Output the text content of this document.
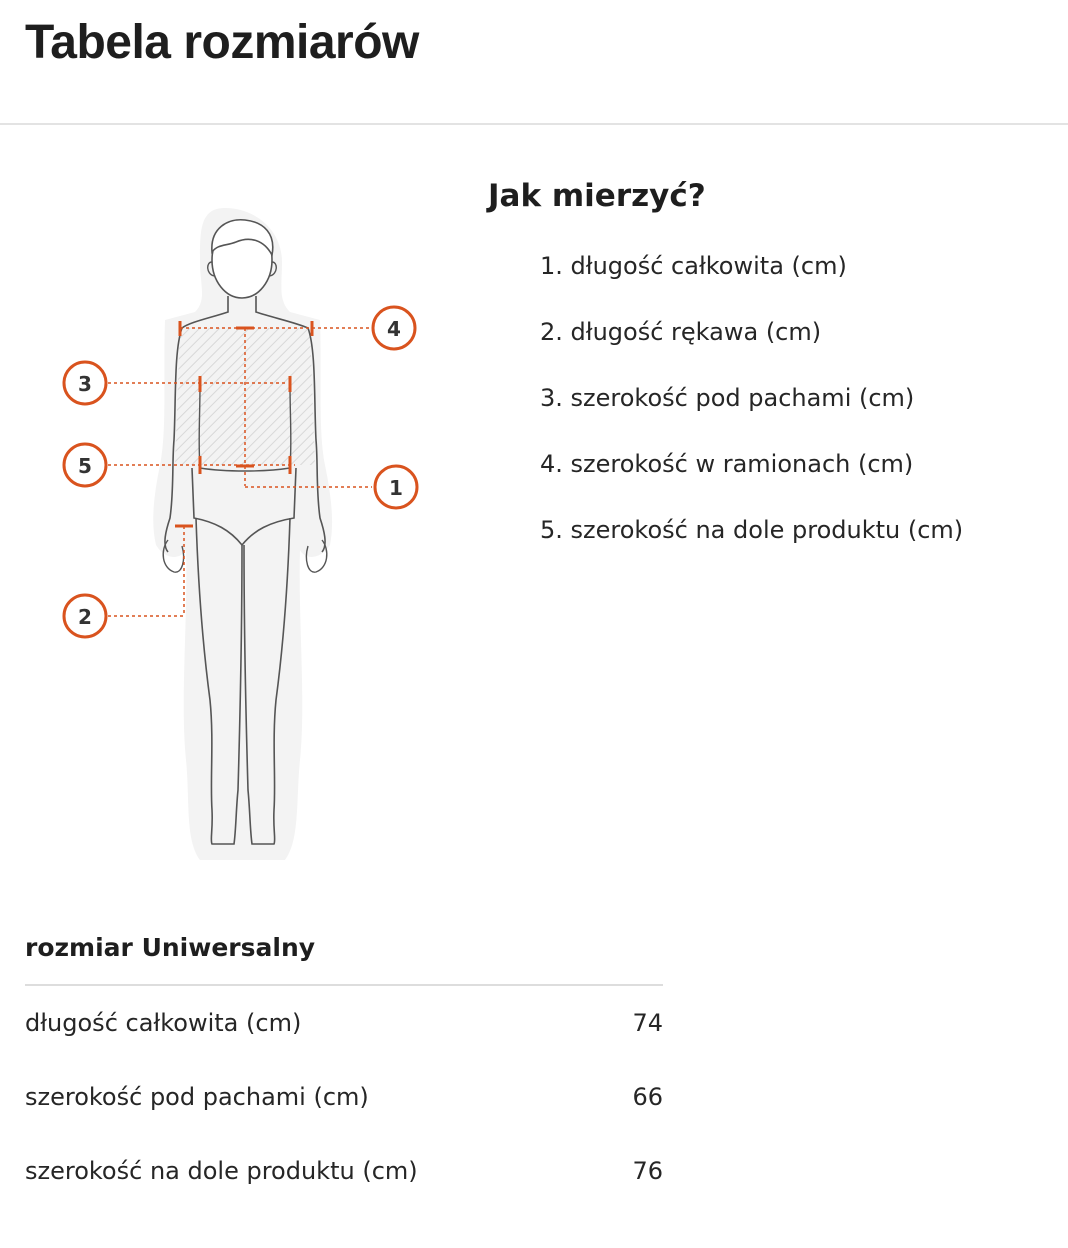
Tabela rozmiarów
4
3
5
1
2
Jak mierzyć?
1. długość całkowita (cm)
2. długość rękawa (cm)
3. szerokość pod pachami (cm)
4. szerokość w ramionach (cm)
5. szerokość na dole produktu (cm)
rozmiar Uniwersalny
długość całkowita (cm)	74
szerokość pod pachami (cm)	66
szerokość na dole produktu (cm)	76
